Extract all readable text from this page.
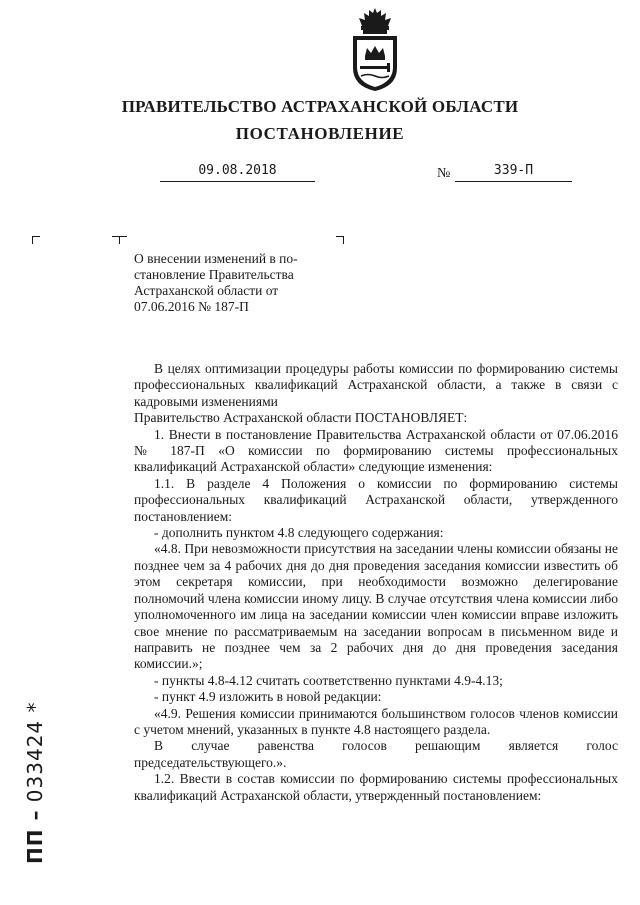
ПРАВИТЕЛЬСТВО АСТРАХАНСКОЙ ОБЛАСТИ
ПОСТАНОВЛЕНИЕ
09.08.2018	№	339-П
О внесении изменений в по-
становление Правительства
Астраханской области от
07.06.2016 № 187-П

В целях оптимизации процедуры работы комиссии по формированию системы профессиональных квалификаций Астраханской области, а также в связи с кадровыми изменениями

Правительство Астраханской области ПОСТАНОВЛЯЕТ:

1. Внести в постановление Правительства Астраханской области от 07.06.2016 № 187-П «О комиссии по формированию системы профессиональных квалификаций Астраханской области» следующие изменения:

1.1. В разделе 4 Положения о комиссии по формированию системы профессиональных квалификаций Астраханской области, утвержденного постановлением:

- дополнить пунктом 4.8 следующего содержания:

«4.8. При невозможности присутствия на заседании члены комиссии обязаны не позднее чем за 4 рабочих дня до дня проведения заседания комиссии известить об этом секретаря комиссии, при необходимости возможно делегирование полномочий члена комиссии иному лицу. В случае отсутствия члена комиссии либо уполномоченного им лица на заседании комиссии член комиссии вправе изложить свое мнение по рассматриваемым на заседании вопросам в письменном виде и направить не позднее чем за 2 рабочих дня до дня проведения заседания комиссии.»;

- пункты 4.8-4.12 считать соответственно пунктами 4.9-4.13;

- пункт 4.9 изложить в новой редакции:

«4.9. Решения комиссии принимаются большинством голосов членов комиссии с учетом мнений, указанных в пункте 4.8 настоящего раздела.

В случае равенства голосов решающим является голос председательствующего.».

1.2. Ввести в состав комиссии по формированию системы профессиональных квалификаций Астраханской области, утвержденный постановлением:

ПП – 033424 *
